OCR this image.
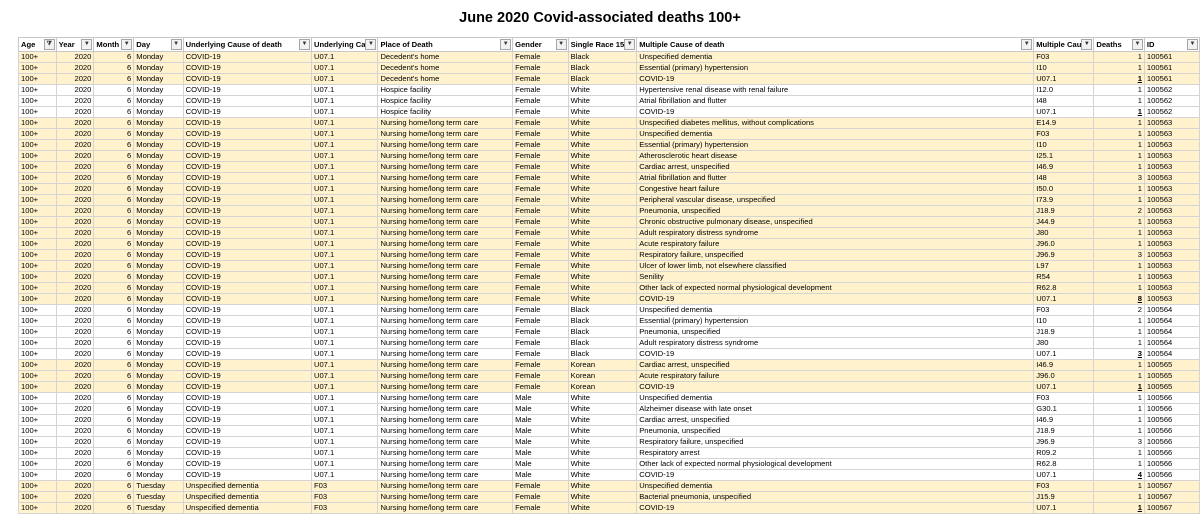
June 2020 Covid-associated deaths 100+
Age ⧩	Year ▼	Month ▼	Day ▼	Underlying Cause of death ▼	Underlying Ca ▼	Place of Death ▼	Gender ▼	Single Race 15 ▼	Multiple Cause of death ▼	Multiple Cau ▼	Deaths ▼	ID ▼

100+	2020	6	Monday	COVID-19	U07.1	Decedent's home	Female	Black	Unspecified dementia	F03	1	100561
100+	2020	6	Monday	COVID-19	U07.1	Decedent's home	Female	Black	Essential (primary) hypertension	I10	1	100561
100+	2020	6	Monday	COVID-19	U07.1	Decedent's home	Female	Black	COVID-19	U07.1	1	100561
100+	2020	6	Monday	COVID-19	U07.1	Hospice facility	Female	White	Hypertensive renal disease with renal failure	I12.0	1	100562
100+	2020	6	Monday	COVID-19	U07.1	Hospice facility	Female	White	Atrial fibrillation and flutter	I48	1	100562
100+	2020	6	Monday	COVID-19	U07.1	Hospice facility	Female	White	COVID-19	U07.1	1	100562
100+	2020	6	Monday	COVID-19	U07.1	Nursing home/long term care	Female	White	Unspecified diabetes mellitus, without complications	E14.9	1	100563
100+	2020	6	Monday	COVID-19	U07.1	Nursing home/long term care	Female	White	Unspecified dementia	F03	1	100563
100+	2020	6	Monday	COVID-19	U07.1	Nursing home/long term care	Female	White	Essential (primary) hypertension	I10	1	100563
100+	2020	6	Monday	COVID-19	U07.1	Nursing home/long term care	Female	White	Atherosclerotic heart disease	I25.1	1	100563
100+	2020	6	Monday	COVID-19	U07.1	Nursing home/long term care	Female	White	Cardiac arrest, unspecified	I46.9	1	100563
100+	2020	6	Monday	COVID-19	U07.1	Nursing home/long term care	Female	White	Atrial fibrillation and flutter	I48	3	100563
100+	2020	6	Monday	COVID-19	U07.1	Nursing home/long term care	Female	White	Congestive heart failure	I50.0	1	100563
100+	2020	6	Monday	COVID-19	U07.1	Nursing home/long term care	Female	White	Peripheral vascular disease, unspecified	I73.9	1	100563
100+	2020	6	Monday	COVID-19	U07.1	Nursing home/long term care	Female	White	Pneumonia, unspecified	J18.9	2	100563
100+	2020	6	Monday	COVID-19	U07.1	Nursing home/long term care	Female	White	Chronic obstructive pulmonary disease, unspecified	J44.9	1	100563
100+	2020	6	Monday	COVID-19	U07.1	Nursing home/long term care	Female	White	Adult respiratory distress syndrome	J80	1	100563
100+	2020	6	Monday	COVID-19	U07.1	Nursing home/long term care	Female	White	Acute respiratory failure	J96.0	1	100563
100+	2020	6	Monday	COVID-19	U07.1	Nursing home/long term care	Female	White	Respiratory failure, unspecified	J96.9	3	100563
100+	2020	6	Monday	COVID-19	U07.1	Nursing home/long term care	Female	White	Ulcer of lower limb, not elsewhere classified	L97	1	100563
100+	2020	6	Monday	COVID-19	U07.1	Nursing home/long term care	Female	White	Senility	R54	1	100563
100+	2020	6	Monday	COVID-19	U07.1	Nursing home/long term care	Female	White	Other lack of expected normal physiological development	R62.8	1	100563
100+	2020	6	Monday	COVID-19	U07.1	Nursing home/long term care	Female	White	COVID-19	U07.1	8	100563
100+	2020	6	Monday	COVID-19	U07.1	Nursing home/long term care	Female	Black	Unspecified dementia	F03	2	100564
100+	2020	6	Monday	COVID-19	U07.1	Nursing home/long term care	Female	Black	Essential (primary) hypertension	I10	1	100564
100+	2020	6	Monday	COVID-19	U07.1	Nursing home/long term care	Female	Black	Pneumonia, unspecified	J18.9	1	100564
100+	2020	6	Monday	COVID-19	U07.1	Nursing home/long term care	Female	Black	Adult respiratory distress syndrome	J80	1	100564
100+	2020	6	Monday	COVID-19	U07.1	Nursing home/long term care	Female	Black	COVID-19	U07.1	3	100564
100+	2020	6	Monday	COVID-19	U07.1	Nursing home/long term care	Female	Korean	Cardiac arrest, unspecified	I46.9	1	100565
100+	2020	6	Monday	COVID-19	U07.1	Nursing home/long term care	Female	Korean	Acute respiratory failure	J96.0	1	100565
100+	2020	6	Monday	COVID-19	U07.1	Nursing home/long term care	Female	Korean	COVID-19	U07.1	1	100565
100+	2020	6	Monday	COVID-19	U07.1	Nursing home/long term care	Male	White	Unspecified dementia	F03	1	100566
100+	2020	6	Monday	COVID-19	U07.1	Nursing home/long term care	Male	White	Alzheimer disease with late onset	G30.1	1	100566
100+	2020	6	Monday	COVID-19	U07.1	Nursing home/long term care	Male	White	Cardiac arrest, unspecified	I46.9	1	100566
100+	2020	6	Monday	COVID-19	U07.1	Nursing home/long term care	Male	White	Pneumonia, unspecified	J18.9	1	100566
100+	2020	6	Monday	COVID-19	U07.1	Nursing home/long term care	Male	White	Respiratory failure, unspecified	J96.9	3	100566
100+	2020	6	Monday	COVID-19	U07.1	Nursing home/long term care	Male	White	Respiratory arrest	R09.2	1	100566
100+	2020	6	Monday	COVID-19	U07.1	Nursing home/long term care	Male	White	Other lack of expected normal physiological development	R62.8	1	100566
100+	2020	6	Monday	COVID-19	U07.1	Nursing home/long term care	Male	White	COVID-19	U07.1	4	100566
100+	2020	6	Tuesday	Unspecified dementia	F03	Nursing home/long term care	Female	White	Unspecified dementia	F03	1	100567
100+	2020	6	Tuesday	Unspecified dementia	F03	Nursing home/long term care	Female	White	Bacterial pneumonia, unspecified	J15.9	1	100567
100+	2020	6	Tuesday	Unspecified dementia	F03	Nursing home/long term care	Female	White	COVID-19	U07.1	1	100567
